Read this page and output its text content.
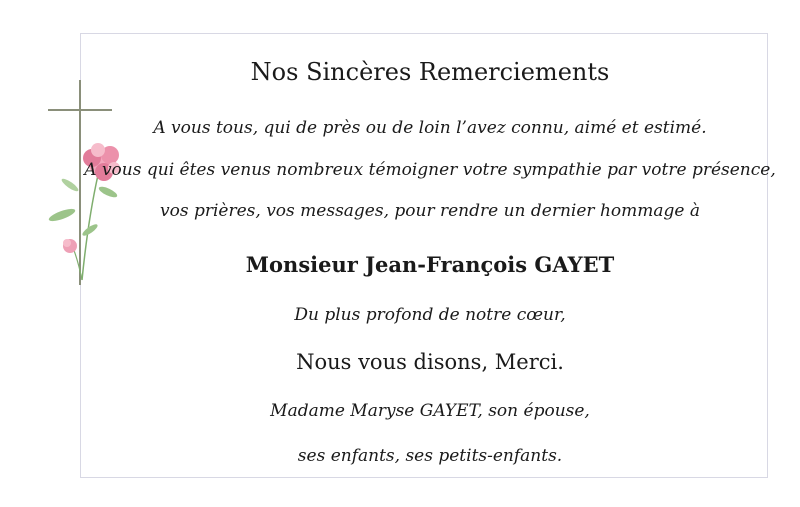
Nos Sincères Remerciements
A vous tous, qui de près ou de loin l’avez connu, aimé et estimé.
A vous qui êtes venus nombreux témoigner votre sympathie par votre présence,
vos prières, vos messages, pour rendre un dernier hommage à
Monsieur Jean-François GAYET
Du plus profond de notre cœur,
Nous vous disons, Merci.
Madame Maryse GAYET, son épouse,
ses enfants, ses petits-enfants.
